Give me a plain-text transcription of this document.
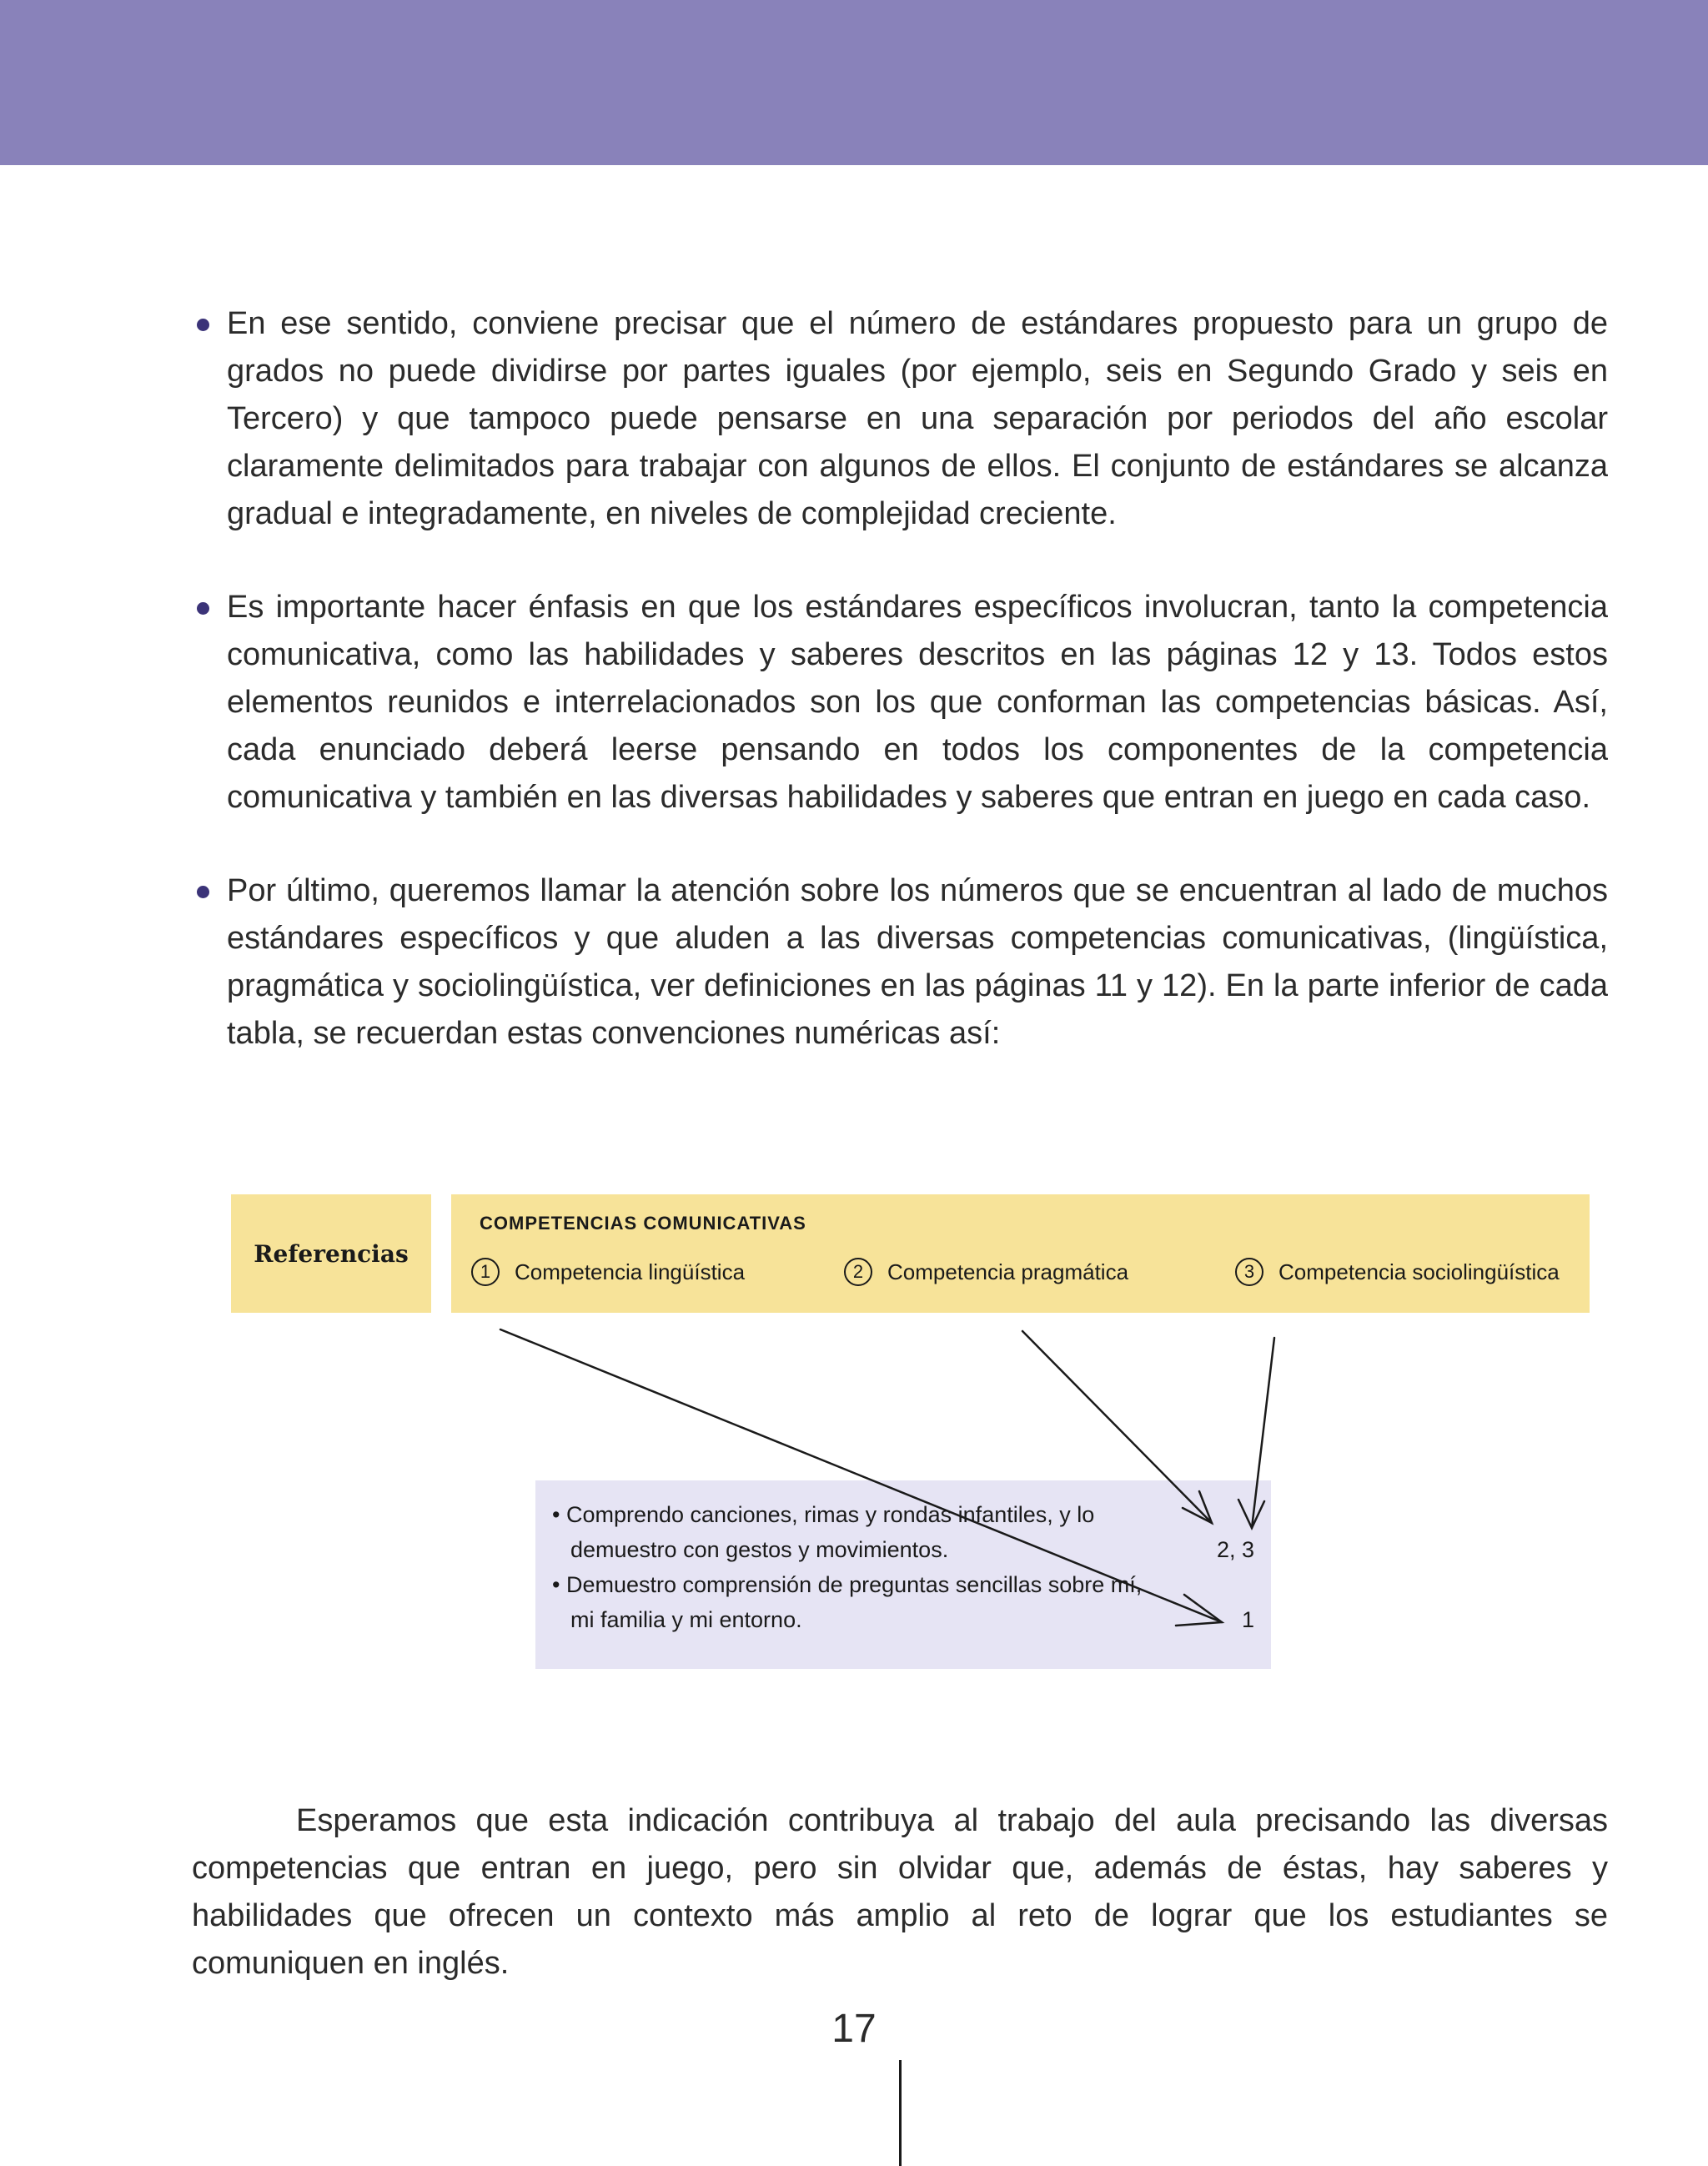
En ese sentido, conviene precisar que el número de estándares propuesto para un grupo de grados no puede dividirse por partes iguales (por ejemplo, seis en Segundo Grado y seis en Tercero) y que tampoco puede pensarse en una separación por periodos del año escolar claramente delimitados para trabajar con algunos de ellos. El conjunto de estándares se alcanza gradual e integradamente, en niveles de complejidad creciente.
Es importante hacer énfasis en que los estándares específicos involucran, tanto la competencia comunicativa, como las habilidades y saberes descritos en las páginas 12 y 13. Todos estos elementos reunidos e interrelacionados son los que conforman las competencias básicas. Así, cada enunciado deberá leerse pensando en todos los componentes de la competencia comunicativa y también en las diversas habilidades y saberes que entran en juego en cada caso.
Por último, queremos llamar la atención sobre los números que se encuentran al lado de muchos estándares específicos y que aluden a las diversas competencias comunicativas, (lingüística, pragmática y sociolingüística, ver definiciones en las páginas 11 y 12). En la parte inferior de cada tabla, se recuerdan estas convenciones numéricas así:
Referencias
COMPETENCIAS COMUNICATIVAS
1	Competencia lingüística	2	Competencia pragmática	3	Competencia sociolingüística
• Comprendo canciones, rimas y rondas infantiles, y lo
demuestro con gestos y movimientos.	2, 3
• Demuestro comprensión de preguntas sencillas sobre mí,
mi familia y mi entorno.	1
Esperamos que esta indicación contribuya al trabajo del aula precisando las diversas competencias que entran en juego, pero sin olvidar que, además de éstas, hay saberes y habilidades que ofrecen un contexto más amplio al reto de lograr que los estudiantes se comuniquen en inglés.
17
